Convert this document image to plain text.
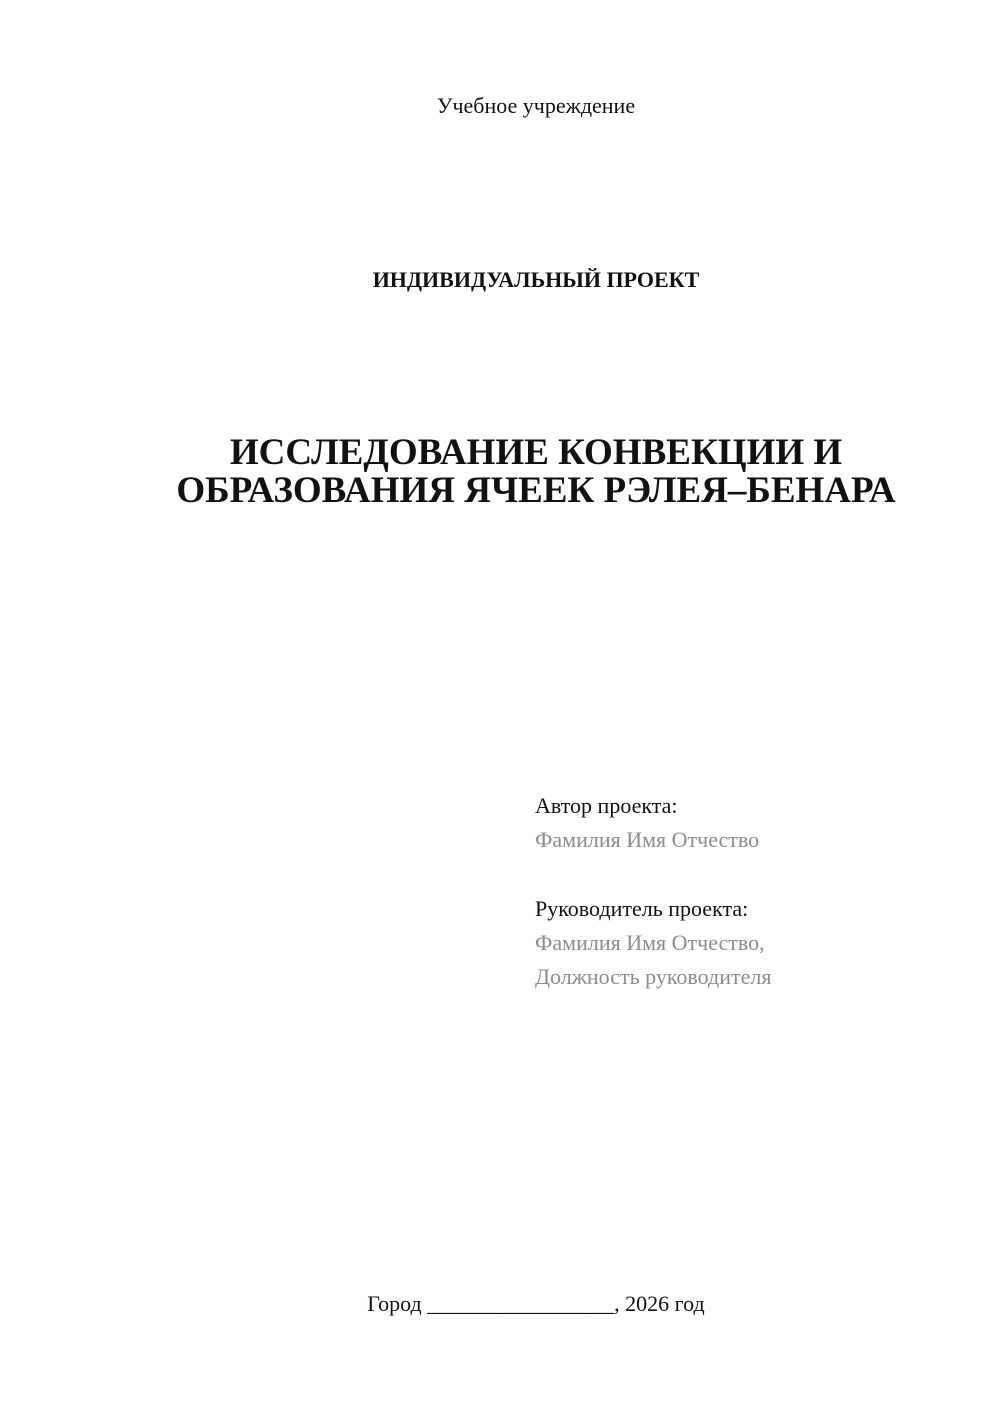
Учебное учреждение
ИНДИВИДУАЛЬНЫЙ ПРОЕКТ
ИССЛЕДОВАНИЕ КОНВЕКЦИИ И
ОБРАЗОВАНИЯ ЯЧЕЕК РЭЛЕЯ–БЕНАРА
Автор проекта:
Фамилия Имя Отчество
Руководитель проекта:
Фамилия Имя Отчество,
Должность руководителя
Город _________________, 2026 год
